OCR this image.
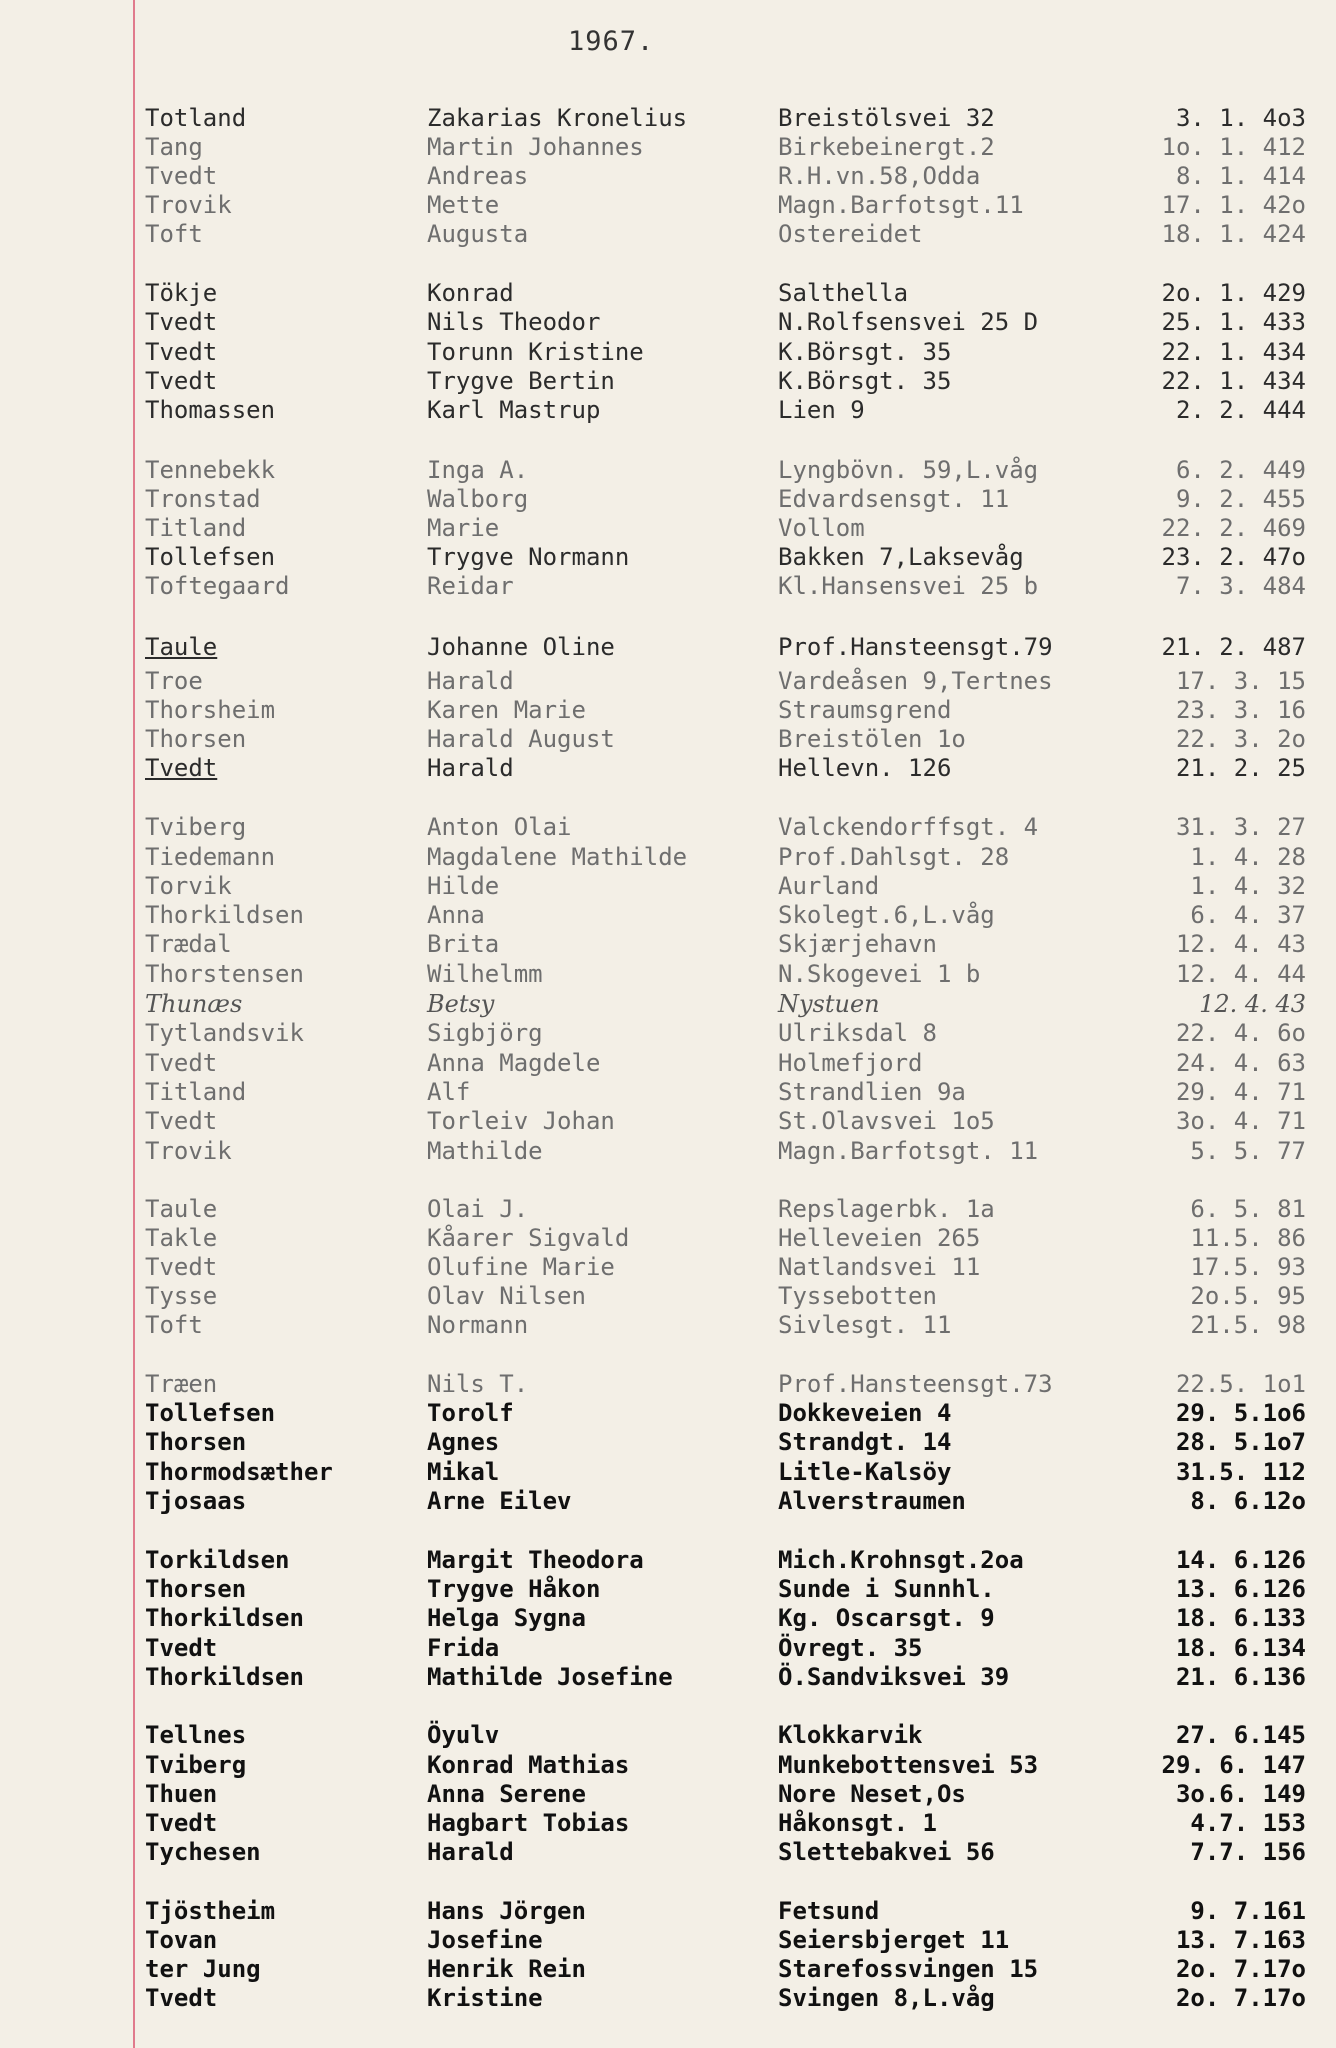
1967.
Totland	Zakarias Kronelius	Breistölsvei 32	3. 1. 4o3
Tang	Martin Johannes	Birkebeinergt.2	1o. 1. 412
Tvedt	Andreas	R.H.vn.58,Odda	8. 1. 414
Trovik	Mette	Magn.Barfotsgt.11	17. 1. 42o
Toft	Augusta	Ostereidet	18. 1. 424
Tökje	Konrad	Salthella	2o. 1. 429
Tvedt	Nils Theodor	N.Rolfsensvei 25 D	25. 1. 433
Tvedt	Torunn Kristine	K.Börsgt. 35	22. 1. 434
Tvedt	Trygve Bertin	K.Börsgt. 35	22. 1. 434
Thomassen	Karl Mastrup	Lien 9	2. 2. 444
Tennebekk	Inga A.	Lyngbövn. 59,L.våg	6. 2. 449
Tronstad	Walborg	Edvardsensgt. 11	9. 2. 455
Titland	Marie	Vollom	22. 2. 469
Tollefsen	Trygve Normann	Bakken 7,Laksevåg	23. 2. 47o
Toftegaard	Reidar	Kl.Hansensvei 25 b	7. 3. 484
Taule	Johanne Oline	Prof.Hansteensgt.79	21. 2. 487
Troe	Harald	Vardeåsen 9,Tertnes	17. 3. 15
Thorsheim	Karen Marie	Straumsgrend	23. 3. 16
Thorsen	Harald August	Breistölen 1o	22. 3. 2o
Tvedt	Harald	Hellevn. 126	21. 2. 25
Tviberg	Anton Olai	Valckendorffsgt. 4	31. 3. 27
Tiedemann	Magdalene Mathilde	Prof.Dahlsgt. 28	1. 4. 28
Torvik	Hilde	Aurland	1. 4. 32
Thorkildsen	Anna	Skolegt.6,L.våg	6. 4. 37
Trædal	Brita	Skjærjehavn	12. 4. 43
Thorstensen	Wilhelmm	N.Skogevei 1 b	12. 4. 44
Thunæs	Betsy	Nystuen	12. 4. 43
Tytlandsvik	Sigbjörg	Ulriksdal 8	22. 4. 6o
Tvedt	Anna Magdele	Holmefjord	24. 4. 63
Titland	Alf	Strandlien 9a	29. 4. 71
Tvedt	Torleiv Johan	St.Olavsvei 1o5	3o. 4. 71
Trovik	Mathilde	Magn.Barfotsgt. 11	5. 5. 77
Taule	Olai J.	Repslagerbk. 1a	6. 5. 81
Takle	Kåarer Sigvald	Helleveien 265	11.5. 86
Tvedt	Olufine Marie	Natlandsvei 11	17.5. 93
Tysse	Olav Nilsen	Tyssebotten	2o.5. 95
Toft	Normann	Sivlesgt. 11	21.5. 98
Træen	Nils T.	Prof.Hansteensgt.73	22.5. 1o1
Tollefsen	Torolf	Dokkeveien 4	29. 5.1o6
Thorsen	Agnes	Strandgt. 14	28. 5.1o7
Thormodsæther	Mikal	Litle-Kalsöy	31.5. 112
Tjosaas	Arne Eilev	Alverstraumen	8. 6.12o
Torkildsen	Margit Theodora	Mich.Krohnsgt.2oa	14. 6.126
Thorsen	Trygve Håkon	Sunde i Sunnhl.	13. 6.126
Thorkildsen	Helga Sygna	Kg. Oscarsgt. 9	18. 6.133
Tvedt	Frida	Övregt. 35	18. 6.134
Thorkildsen	Mathilde Josefine	Ö.Sandviksvei 39	21. 6.136
Tellnes	Öyulv	Klokkarvik	27. 6.145
Tviberg	Konrad Mathias	Munkebottensvei 53	29. 6. 147
Thuen	Anna Serene	Nore Neset,Os	3o.6. 149
Tvedt	Hagbart Tobias	Håkonsgt. 1	4.7. 153
Tychesen	Harald	Slettebakvei 56	7.7. 156
Tjöstheim	Hans Jörgen	Fetsund	9. 7.161
Tovan	Josefine	Seiersbjerget 11	13. 7.163
ter Jung	Henrik Rein	Starefossvingen 15	2o. 7.17o
Tvedt	Kristine	Svingen 8,L.våg	2o. 7.17o
